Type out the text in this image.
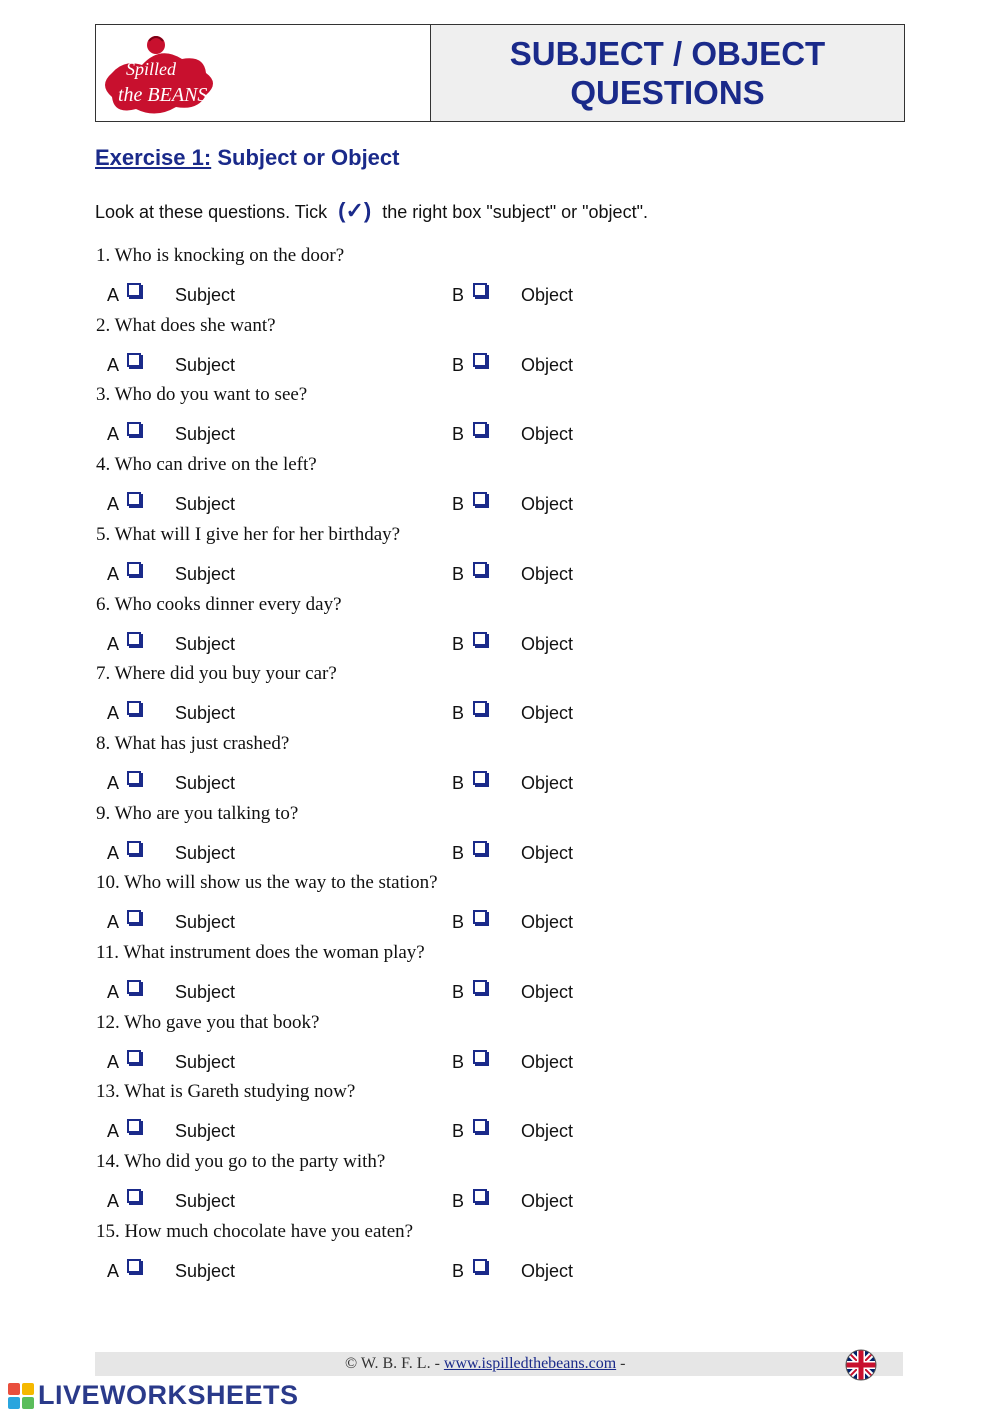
Spilled
the BEANS
SUBJECT / OBJECT
QUESTIONS
Exercise 1: Subject or Object
Look at these questions. Tick (✓) the right box "subject" or "object".
1. Who is knocking on the door?
A	Subject	B	Object
2. What does she want?
A	Subject	B	Object
3. Who do you want to see?
A	Subject	B	Object
4. Who can drive on the left?
A	Subject	B	Object
5. What will I give her for her birthday?
A	Subject	B	Object
6. Who cooks dinner every day?
A	Subject	B	Object
7. Where did you buy your car?
A	Subject	B	Object
8. What has just crashed?
A	Subject	B	Object
9. Who are you talking to?
A	Subject	B	Object
10. Who will show us the way to the station?
A	Subject	B	Object
11. What instrument does the woman play?
A	Subject	B	Object
12. Who gave you that book?
A	Subject	B	Object
13. What is Gareth studying now?
A	Subject	B	Object
14. Who did you go to the party with?
A	Subject	B	Object
15. How much chocolate have you eaten?
A	Subject	B	Object
© W. B. F. L. - www.ispilledthebeans.com -
LIVEWORKSHEETS
